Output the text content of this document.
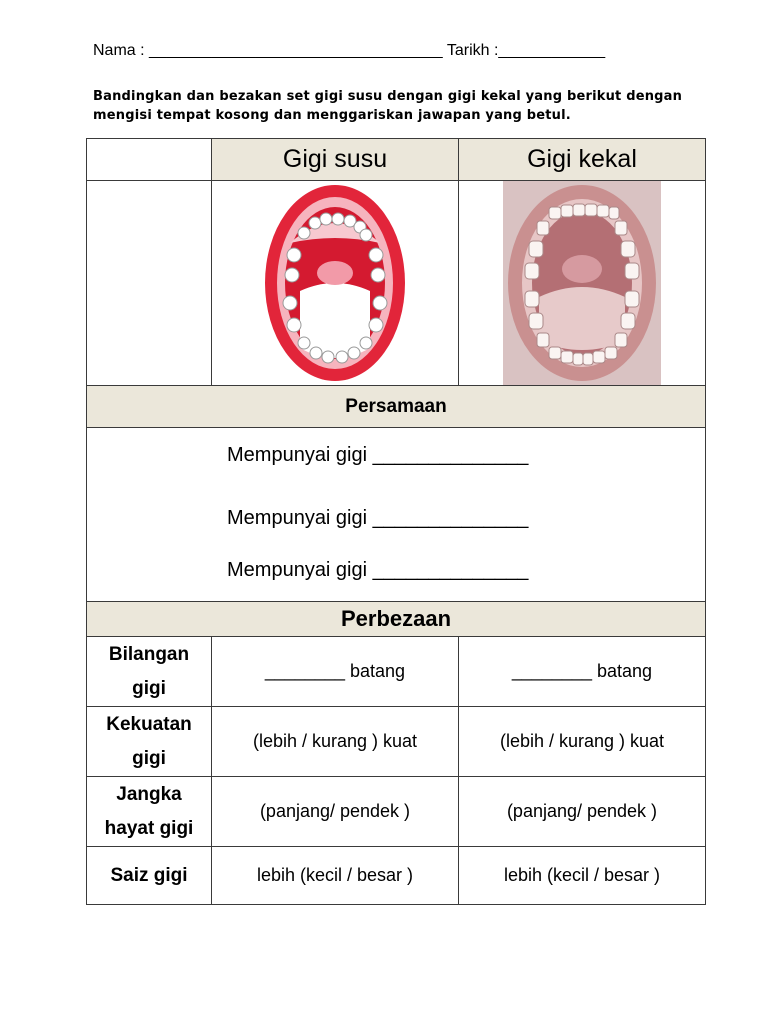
Nama : _________________________________ Tarikh :____________
Bandingkan dan bezakan set gigi susu dengan gigi kekal yang berikut dengan
mengisi tempat kosong dan menggariskan jawapan yang betul.
	Gigi susu	Gigi kekal

Persamaan		

Mempunyai gigi ______________
Mempunyai gigi ______________
Mempunyai gigi ______________		

Perbezaan		
Bilangan
gigi	________ batang	________ batang
Kekuatan
gigi	(lebih / kurang ) kuat	(lebih / kurang ) kuat
Jangka
hayat gigi	(panjang/ pendek )	(panjang/ pendek )
Saiz gigi	lebih (kecil / besar )	lebih (kecil / besar )
